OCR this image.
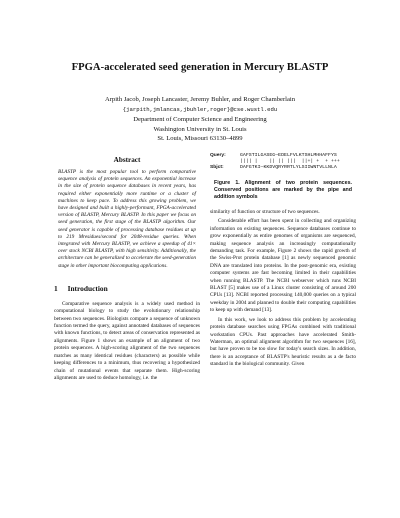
FPGA-accelerated seed generation in Mercury BLASTP
Arpith Jacob, Joseph Lancaster, Jeremy Buhler, and Roger Chamberlain
{jarpith,jmlancas,jbuhler,roger}@cse.wustl.edu
Department of Computer Science and Engineering
Washington University in St. Louis
St. Louis, Missouri 63130–4899
Abstract

BLASTP is the most popular tool to perform comparative sequence analysis of protein sequences. An exponential increase in the size of protein sequence databases in recent years, has required either exponentially more runtime or a cluster of machines to keep pace. To address this growing problem, we have designed and built a highly-performant, FPGA-accelerated version of BLASTP, Mercury BLASTP. In this paper we focus on seed generation, the first stage of the BLASTP algorithm. Our seed generator is capable of processing database residues at up to 219 Mresidues/second for 2048-residue queries. When integrated with Mercury BLASTP, we achieve a speedup of 41× over stock NCBI BLASTP, with high sensitivity. Additionally, the architecture can be generalized to accelerate the seed-generation stage in other important biocomputing applications.

1 Introduction

Comparative sequence analysis is a widely used method in computational biology to study the evolutionary relationship between two sequences. Biologists compare a sequence of unknown function termed the query, against annotated databases of sequences with known functions, to detect areas of conservation represented as alignments. Figure 1 shows an example of an alignment of two protein sequences. A high-scoring alignment of the two sequences matches as many identical residues (characters) as possible while keeping differences to a minimum, thus recovering a hypothesized chain of mutational events that separate them. High-scoring alignments are used to deduce homology, i.e. the

Query:	GAFSTILGASEG—EDELFVLKTSHLMHHAFFYS
|||| |    || || |||  ||+| +  + +++
Sbjct:	DAFGTKI—KKDVQRYRRTLYLSIIWNTVLLNLA
Figure 1. Alignment of two protein sequences. Conserved positions are marked by the pipe and addition symbols

similarity of function or structure of two sequences.

Considerable effort has been spent in collecting and organizing information on existing sequences. Sequence databases continue to grow exponentially as entire genomes of organisms are sequenced, making sequence analysis an increasingly computationally demanding task. For example, Figure 2 shows the rapid growth of the Swiss-Prot protein database [1] as newly sequenced genomic DNA are translated into proteins. In the post-genomic era, existing computer systems are fast becoming limited in their capabilities when running BLASTP. The NCBI webserver which runs NCBI BLAST [5] makes use of a Linux cluster consisting of around 200 CPUs [13]. NCBI reported processing 140,000 queries on a typical weekday in 2004 and planned to double their computing capabilities to keep up with demand [13].

In this work, we look to address this problem by accelerating protein database searches using FPGAs combined with traditional workstation CPUs. Past approaches have accelerated Smith-Waterman, an optimal alignment algorithm for two sequences [16], but have proven to be too slow for today's search sizes. In addition, there is an acceptance of BLASTP's heuristic results as a de facto standard in the biological community. Given
